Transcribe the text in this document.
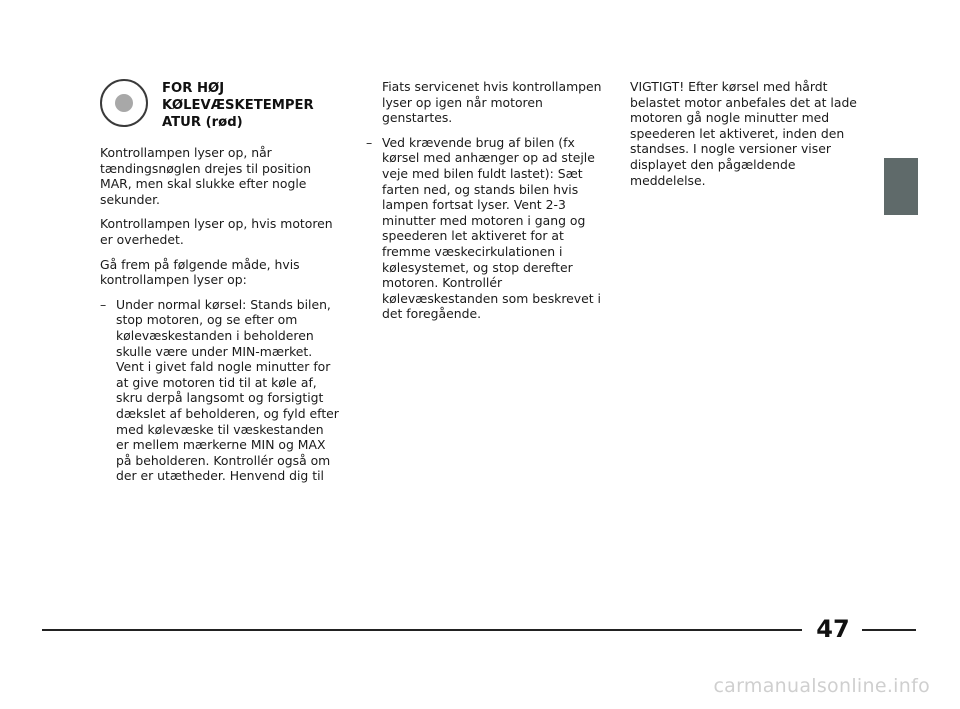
FOR HØJ
KØLEVÆSKETEMPER
ATUR (rød)

Kontrollampen lyser op, når tændingsnøglen drejes til position MAR, men skal slukke efter nogle sekunder.

Kontrollampen lyser op, hvis motoren er overhedet.

Gå frem på følgende måde, hvis kontrollampen lyser op:

– Under normal kørsel: Stands bilen, stop motoren, og se efter om kølevæskestanden i beholderen skulle være under MIN-mærket. Vent i givet fald nogle minutter for at give motoren tid til at køle af, skru derpå langsomt og forsigtigt dækslet af beholderen, og fyld efter med kølevæske til væskestanden er mellem mærkerne MIN og MAX på beholderen. Kontrollér også om der er utætheder. Henvend dig til
Fiats servicenet hvis kontrollampen lyser op igen når motoren genstartes.
– Ved krævende brug af bilen (fx kørsel med anhænger op ad stejle veje med bilen fuldt lastet): Sæt farten ned, og stands bilen hvis lampen fortsat lyser. Vent 2-3 minutter med motoren i gang og speederen let aktiveret for at fremme væskecirkulationen i kølesystemet, og stop derefter motoren. Kontrollér kølevæskestanden som beskrevet i det foregående.

VIGTIGT! Efter kørsel med hårdt belastet motor anbefales det at lade motoren gå nogle minutter med speederen let aktiveret, inden den standses. I nogle versioner viser displayet den pågældende meddelelse.

47
carmanualsonline.info
